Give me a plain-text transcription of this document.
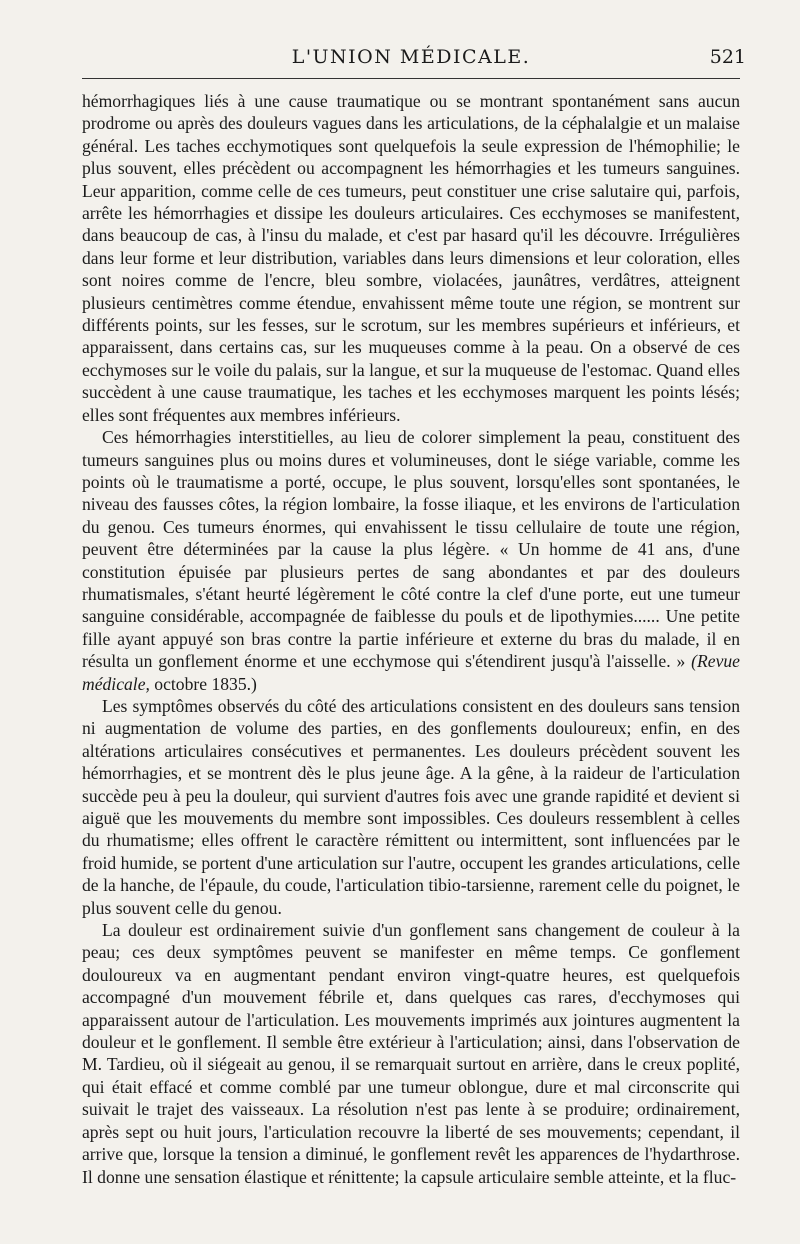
L'UNION MÉDICALE.	521

hémorrhagiques liés à une cause traumatique ou se montrant spontanément sans aucun prodrome ou après des douleurs vagues dans les articulations, de la céphalalgie et un malaise général. Les taches ecchymotiques sont quelquefois la seule expression de l'hémophilie; le plus souvent, elles précèdent ou accompagnent les hémorrhagies et les tumeurs sanguines. Leur apparition, comme celle de ces tumeurs, peut constituer une crise salutaire qui, parfois, arrête les hémorrhagies et dissipe les douleurs articulaires. Ces ecchymoses se manifestent, dans beaucoup de cas, à l'insu du malade, et c'est par hasard qu'il les découvre. Irrégulières dans leur forme et leur distribution, variables dans leurs dimensions et leur coloration, elles sont noires comme de l'encre, bleu sombre, violacées, jaunâtres, verdâtres, atteignent plusieurs centimètres comme étendue, envahissent même toute une région, se montrent sur différents points, sur les fesses, sur le scrotum, sur les membres supérieurs et inférieurs, et apparaissent, dans certains cas, sur les muqueuses comme à la peau. On a observé de ces ecchymoses sur le voile du palais, sur la langue, et sur la muqueuse de l'estomac. Quand elles succèdent à une cause traumatique, les taches et les ecchymoses marquent les points lésés; elles sont fréquentes aux membres inférieurs.

Ces hémorrhagies interstitielles, au lieu de colorer simplement la peau, constituent des tumeurs sanguines plus ou moins dures et volumineuses, dont le siége variable, comme les points où le traumatisme a porté, occupe, le plus souvent, lorsqu'elles sont spontanées, le niveau des fausses côtes, la région lombaire, la fosse iliaque, et les environs de l'articulation du genou. Ces tumeurs énormes, qui envahissent le tissu cellulaire de toute une région, peuvent être déterminées par la cause la plus légère. « Un homme de 41 ans, d'une constitution épuisée par plusieurs pertes de sang abondantes et par des douleurs rhumatismales, s'étant heurté légèrement le côté contre la clef d'une porte, eut une tumeur sanguine considérable, accompagnée de faiblesse du pouls et de lipothymies...... Une petite fille ayant appuyé son bras contre la partie inférieure et externe du bras du malade, il en résulta un gonflement énorme et une ecchymose qui s'étendirent jusqu'à l'aisselle. » (Revue médicale, octobre 1835.)

Les symptômes observés du côté des articulations consistent en des douleurs sans tension ni augmentation de volume des parties, en des gonflements douloureux; enfin, en des altérations articulaires consécutives et permanentes. Les douleurs précèdent souvent les hémorrhagies, et se montrent dès le plus jeune âge. A la gêne, à la raideur de l'articulation succède peu à peu la douleur, qui survient d'autres fois avec une grande rapidité et devient si aiguë que les mouvements du membre sont impossibles. Ces douleurs ressemblent à celles du rhumatisme; elles offrent le caractère rémittent ou intermittent, sont influencées par le froid humide, se portent d'une articulation sur l'autre, occupent les grandes articulations, celle de la hanche, de l'épaule, du coude, l'articulation tibio-tarsienne, rarement celle du poignet, le plus souvent celle du genou.

La douleur est ordinairement suivie d'un gonflement sans changement de couleur à la peau; ces deux symptômes peuvent se manifester en même temps. Ce gonflement douloureux va en augmentant pendant environ vingt-quatre heures, est quelquefois accompagné d'un mouvement fébrile et, dans quelques cas rares, d'ecchymoses qui apparaissent autour de l'articulation. Les mouvements imprimés aux jointures augmentent la douleur et le gonflement. Il semble être extérieur à l'articulation; ainsi, dans l'observation de M. Tardieu, où il siégeait au genou, il se remarquait surtout en arrière, dans le creux poplité, qui était effacé et comme comblé par une tumeur oblongue, dure et mal circonscrite qui suivait le trajet des vaisseaux. La résolution n'est pas lente à se produire; ordinairement, après sept ou huit jours, l'articulation recouvre la liberté de ses mouvements; cependant, il arrive que, lorsque la tension a diminué, le gonflement revêt les apparences de l'hydarthrose. Il donne une sensation élastique et rénittente; la capsule articulaire semble atteinte, et la fluc-
